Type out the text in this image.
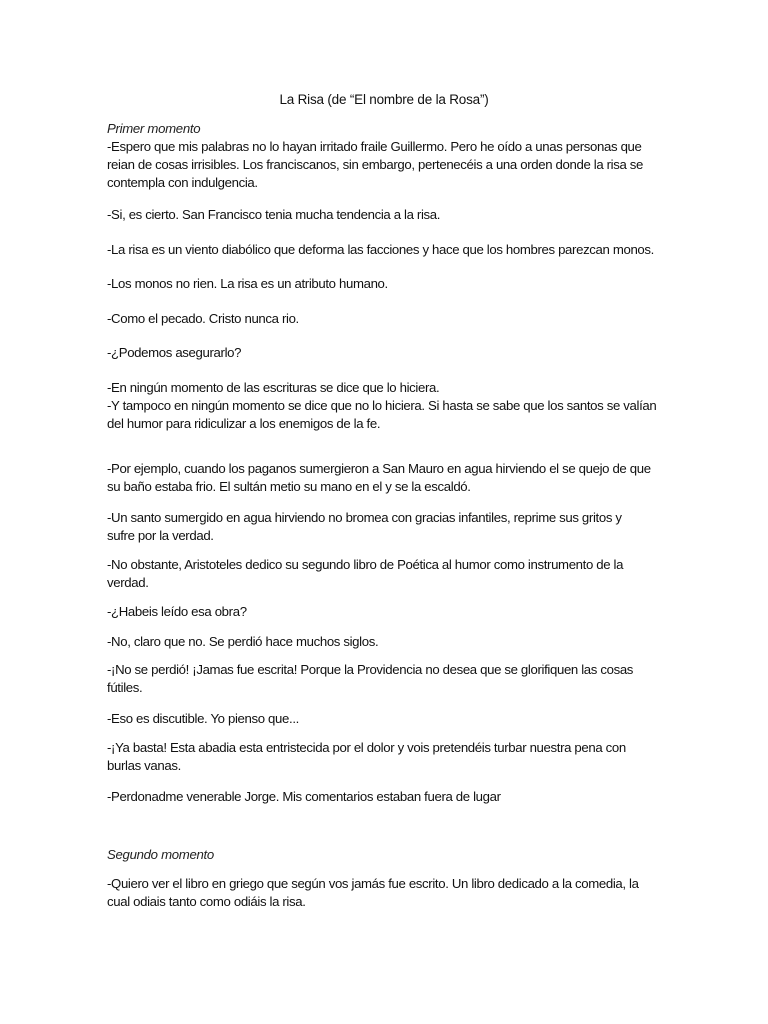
La Risa (de “El nombre de la Rosa”)
Primer momento

-Espero que mis palabras no lo hayan irritado fraile Guillermo. Pero he oído a unas personas que
reian de cosas irrisibles. Los franciscanos, sin embargo, pertenecéis a una orden donde la risa se
contempla con indulgencia.

-Si, es cierto. San Francisco tenia mucha tendencia a la risa.

-La risa es un viento diabólico que deforma las facciones y hace que los hombres parezcan monos.

-Los monos no rien. La risa es un atributo humano.

-Como el pecado. Cristo nunca rio.

-¿Podemos asegurarlo?

-En ningún momento de las escrituras se dice que lo hiciera.
-Y tampoco en ningún momento se dice que no lo hiciera. Si hasta se sabe que los santos se valían
del humor para ridiculizar a los enemigos de la fe.

-Por ejemplo, cuando los paganos sumergieron a San Mauro en agua hirviendo el se quejo de que
su baño estaba frio. El sultán metio su mano en el y se la escaldó.

-Un santo sumergido en agua hirviendo no bromea con gracias infantiles, reprime sus gritos y
sufre por la verdad.

-No obstante, Aristoteles dedico su segundo libro de Poética al humor como instrumento de la
verdad.

-¿Habeis leído esa obra?

-No, claro que no. Se perdió hace muchos siglos.

-¡No se perdió! ¡Jamas fue escrita! Porque la Providencia no desea que se glorifiquen las cosas
fútiles.

-Eso es discutible. Yo pienso que...

-¡Ya basta! Esta abadia esta entristecida por el dolor y vois pretendéis turbar nuestra pena con
burlas vanas.

-Perdonadme venerable Jorge. Mis comentarios estaban fuera de lugar

Segundo momento

-Quiero ver el libro en griego que según vos jamás fue escrito. Un libro dedicado a la comedia, la
cual odiais tanto como odiáis la risa.
